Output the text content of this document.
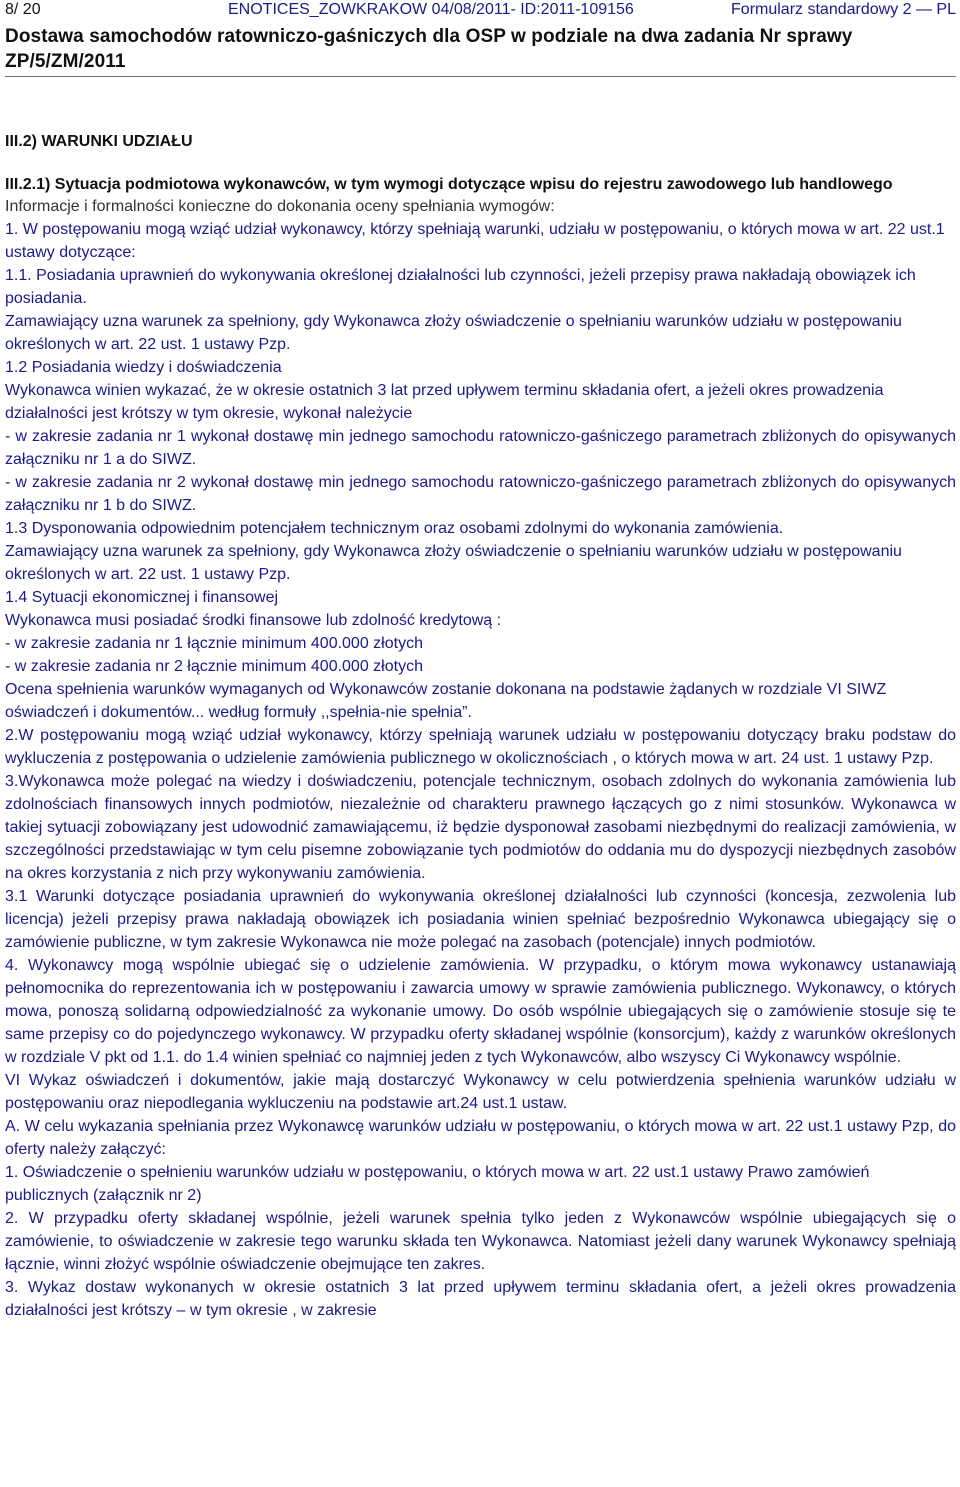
8/ 20	ENOTICES_ZOWKRAKOW 04/08/2011- ID:2011-109156	Formularz standardowy 2 — PL
Dostawa samochodów ratowniczo-gaśniczych dla OSP w podziale na dwa zadania Nr sprawy ZP/5/ZM/2011
III.2) WARUNKI UDZIAŁU
III.2.1) Sytuacja podmiotowa wykonawców, w tym wymogi dotyczące wpisu do rejestru zawodowego lub handlowego

Informacje i formalności konieczne do dokonania oceny spełniania wymogów:

1. W postępowaniu mogą wziąć udział wykonawcy, którzy spełniają warunki, udziału w postępowaniu, o których mowa w art. 22 ust.1 ustawy dotyczące:

1.1. Posiadania uprawnień do wykonywania określonej działalności lub czynności, jeżeli przepisy prawa nakładają obowiązek ich posiadania.

Zamawiający uzna warunek za spełniony, gdy Wykonawca złoży oświadczenie o spełnianiu warunków udziału w postępowaniu określonych w art. 22 ust. 1 ustawy Pzp.

1.2 Posiadania wiedzy i doświadczenia

Wykonawca winien wykazać, że w okresie ostatnich 3 lat przed upływem terminu składania ofert, a jeżeli okres prowadzenia działalności jest krótszy w tym okresie, wykonał należycie

- w zakresie zadania nr 1 wykonał dostawę min jednego samochodu ratowniczo-gaśniczego parametrach zbliżonych do opisywanych załączniku nr 1 a do SIWZ.

- w zakresie zadania nr 2 wykonał dostawę min jednego samochodu ratowniczo-gaśniczego parametrach zbliżonych do opisywanych załączniku nr 1 b do SIWZ.

1.3 Dysponowania odpowiednim potencjałem technicznym oraz osobami zdolnymi do wykonania zamówienia.

Zamawiający uzna warunek za spełniony, gdy Wykonawca złoży oświadczenie o spełnianiu warunków udziału w postępowaniu określonych w art. 22 ust. 1 ustawy Pzp.

1.4 Sytuacji ekonomicznej i finansowej

Wykonawca musi posiadać środki finansowe lub zdolność kredytową :

- w zakresie zadania nr 1 łącznie minimum 400.000 złotych

- w zakresie zadania nr 2 łącznie minimum 400.000 złotych

Ocena spełnienia warunków wymaganych od Wykonawców zostanie dokonana na podstawie żądanych w rozdziale VI SIWZ oświadczeń i dokumentów... według formuły ,,spełnia-nie spełnia”.

2.W postępowaniu mogą wziąć udział wykonawcy, którzy spełniają warunek udziału w postępowaniu dotyczący braku podstaw do wykluczenia z postępowania o udzielenie zamówienia publicznego w okolicznościach , o których mowa w art. 24 ust. 1 ustawy Pzp.

3.Wykonawca może polegać na wiedzy i doświadczeniu, potencjale technicznym, osobach zdolnych do wykonania zamówienia lub zdolnościach finansowych innych podmiotów, niezależnie od charakteru prawnego łączących go z nimi stosunków. Wykonawca w takiej sytuacji zobowiązany jest udowodnić zamawiającemu, iż będzie dysponował zasobami niezbędnymi do realizacji zamówienia, w szczególności przedstawiając w tym celu pisemne zobowiązanie tych podmiotów do oddania mu do dyspozycji niezbędnych zasobów na okres korzystania z nich przy wykonywaniu zamówienia.

3.1 Warunki dotyczące posiadania uprawnień do wykonywania określonej działalności lub czynności (koncesja, zezwolenia lub licencja) jeżeli przepisy prawa nakładają obowiązek ich posiadania winien spełniać bezpośrednio Wykonawca ubiegający się o zamówienie publiczne, w tym zakresie Wykonawca nie może polegać na zasobach (potencjale) innych podmiotów.

4. Wykonawcy mogą wspólnie ubiegać się o udzielenie zamówienia. W przypadku, o którym mowa wykonawcy ustanawiają pełnomocnika do reprezentowania ich w postępowaniu i zawarcia umowy w sprawie zamówienia publicznego. Wykonawcy, o których mowa, ponoszą solidarną odpowiedzialność za wykonanie umowy. Do osób wspólnie ubiegających się o zamówienie stosuje się te same przepisy co do pojedynczego wykonawcy. W przypadku oferty składanej wspólnie (konsorcjum), każdy z warunków określonych w rozdziale V pkt od 1.1. do 1.4 winien spełniać co najmniej jeden z tych Wykonawców, albo wszyscy Ci Wykonawcy wspólnie.

VI Wykaz oświadczeń i dokumentów, jakie mają dostarczyć Wykonawcy w celu potwierdzenia spełnienia warunków udziału w postępowaniu oraz niepodlegania wykluczeniu na podstawie art.24 ust.1 ustaw.

A. W celu wykazania spełniania przez Wykonawcę warunków udziału w postępowaniu, o których mowa w art. 22 ust.1 ustawy Pzp, do oferty należy załączyć:

1. Oświadczenie o spełnieniu warunków udziału w postępowaniu, o których mowa w art. 22 ust.1 ustawy Prawo zamówień publicznych (załącznik nr 2)

2. W przypadku oferty składanej wspólnie, jeżeli warunek spełnia tylko jeden z Wykonawców wspólnie ubiegających się o zamówienie, to oświadczenie w zakresie tego warunku składa ten Wykonawca. Natomiast jeżeli dany warunek Wykonawcy spełniają łącznie, winni złożyć wspólnie oświadczenie obejmujące ten zakres.

3. Wykaz dostaw wykonanych w okresie ostatnich 3 lat przed upływem terminu składania ofert, a jeżeli okres prowadzenia działalności jest krótszy – w tym okresie , w zakresie
